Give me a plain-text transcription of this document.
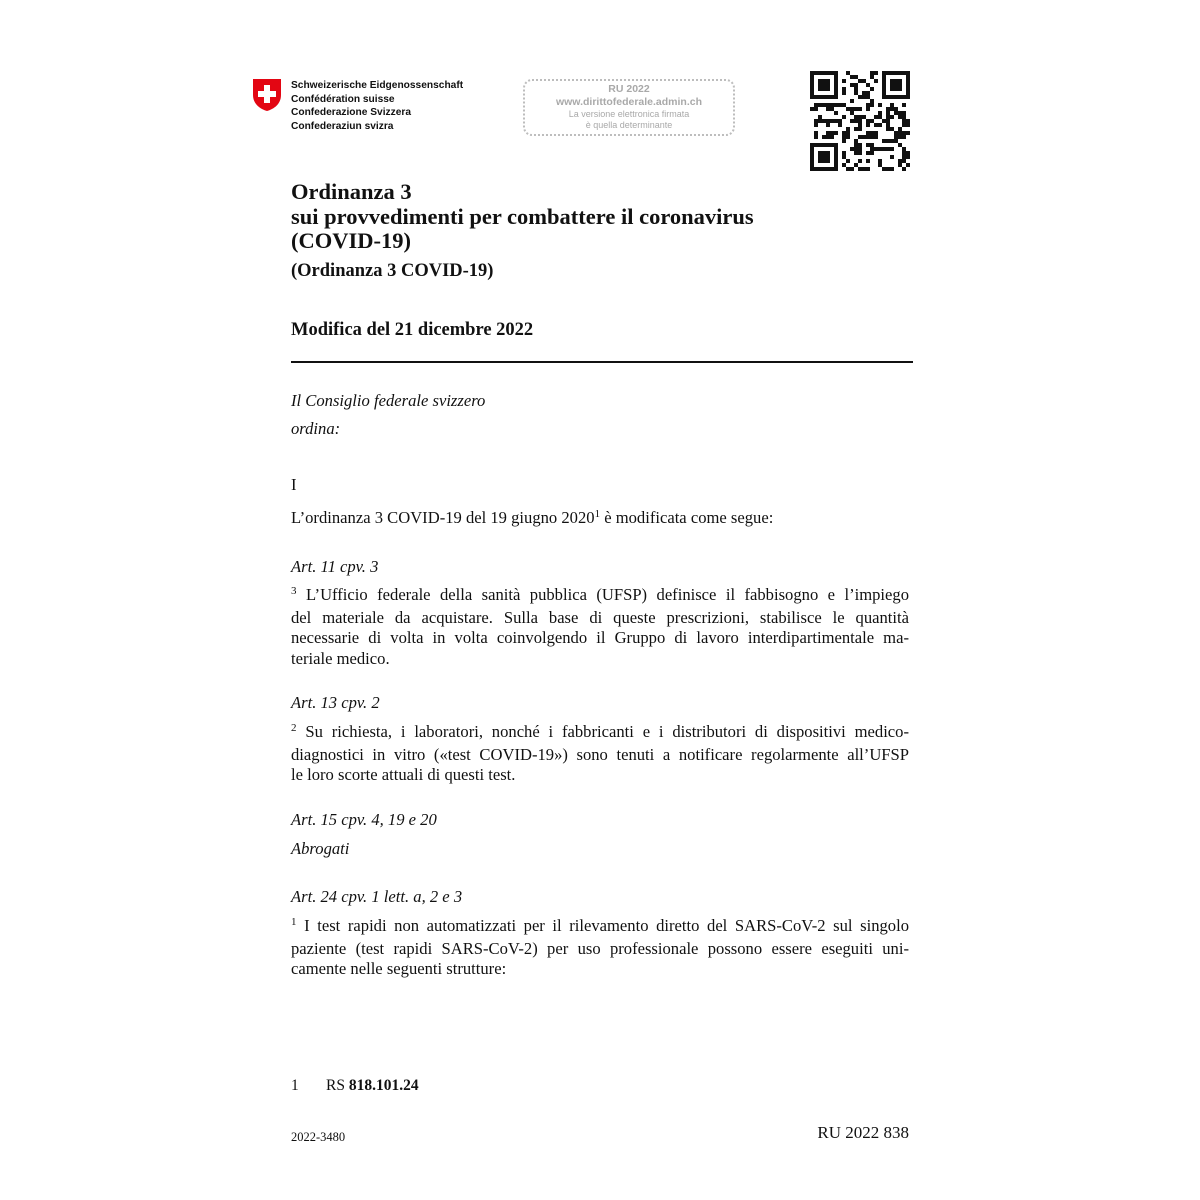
Schweizerische Eidgenossenschaft
Confédération suisse
Confederazione Svizzera
Confederaziun svizra
RU 2022
www.dirittofederale.admin.ch
La versione elettronica firmata
è quella determinante
Ordinanza 3
sui provvedimenti per combattere il coronavirus
(COVID-19)
(Ordinanza 3 COVID-19)
Modifica del 21 dicembre 2022
Il Consiglio federale svizzero
ordina:
I
L’ordinanza 3 COVID-19 del 19 giugno 2020$^1$ è modificata come segue:
Art. 11 cpv. 3
$^3$ L’Ufficio federale della sanità pubblica (UFSP) definisce il fabbisogno e l’impiego
del materiale da acquistare. Sulla base di queste prescrizioni, stabilisce le quantità
necessarie di volta in volta coinvolgendo il Gruppo di lavoro interdipartimentale ma-
teriale medico.
Art. 13 cpv. 2
$^2$ Su richiesta, i laboratori, nonché i fabbricanti e i distributori di dispositivi medico-
diagnostici in vitro («test COVID-19») sono tenuti a notificare regolarmente all’UFSP
le loro scorte attuali di questi test.
Art. 15 cpv. 4, 19 e 20
Abrogati
Art. 24 cpv. 1 lett. a, 2 e 3
$^1$ I test rapidi non automatizzati per il rilevamento diretto del SARS-CoV-2 sul singolo
paziente (test rapidi SARS-CoV-2) per uso professionale possono essere eseguiti uni-
camente nelle seguenti strutture:
1 RS 818.101.24
2022-3480	RU 2022 838
